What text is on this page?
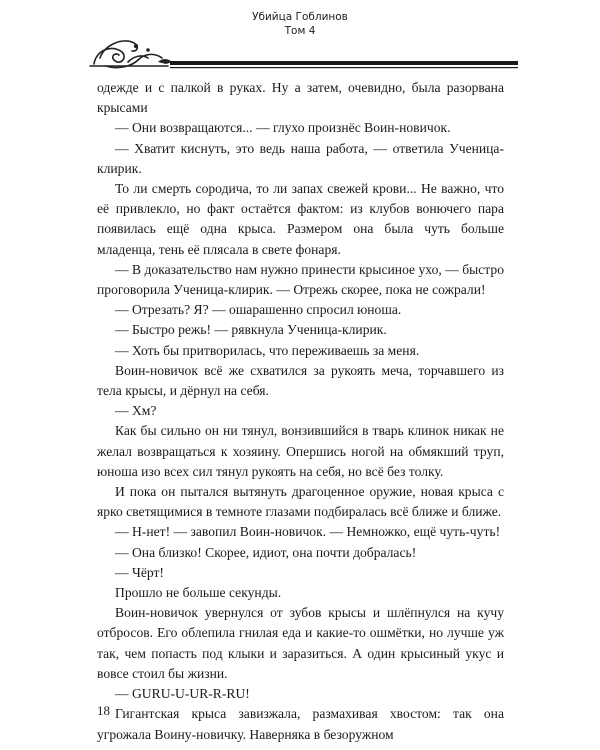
Убийца Гоблинов
Том 4

одежде и с палкой в руках. Ну а затем, очевидно, была разорвана крысами

— Они возвращаются... — глухо произнёс Воин-новичок.

— Хватит киснуть, это ведь наша работа, — ответила Ученица-клирик.

То ли смерть сородича, то ли запах свежей крови... Не важно, что её привлекло, но факт остаётся фактом: из клубов вонючего пара появилась ещё одна крыса. Размером она была чуть больше младенца, тень её плясала в свете фонаря.

— В доказательство нам нужно принести крысиное ухо, — быстро проговорила Ученица-клирик. — Отрежь скорее, пока не сожрали!

— Отрезать? Я? — ошарашенно спросил юноша.

— Быстро режь! — рявкнула Ученица-клирик.

— Хоть бы притворилась, что переживаешь за меня.

Воин-новичок всё же схватился за рукоять меча, торчавшего из тела крысы, и дёрнул на себя.

— Хм?

Как бы сильно он ни тянул, вонзившийся в тварь клинок никак не желал возвращаться к хозяину. Опершись ногой на обмякший труп, юноша изо всех сил тянул рукоять на себя, но всё без толку.

И пока он пытался вытянуть драгоценное оружие, новая крыса с ярко светящимися в темноте глазами подбиралась всё ближе и ближе.

— Н-нет! — завопил Воин-новичок. — Немножко, ещё чуть-чуть!

— Она близко! Скорее, идиот, она почти добралась!

— Чёрт!

Прошло не больше секунды.

Воин-новичок увернулся от зубов крысы и шлёпнулся на кучу отбросов. Его облепила гнилая еда и какие-то ошмётки, но лучше уж так, чем попасть под клыки и заразиться. А один крысиный укус и вовсе стоил бы жизни.

— GURU-U-UR-R-RU!

Гигантская крыса завизжала, размахивая хвостом: так она угрожала Воину-новичку. Наверняка в безоружном

18
